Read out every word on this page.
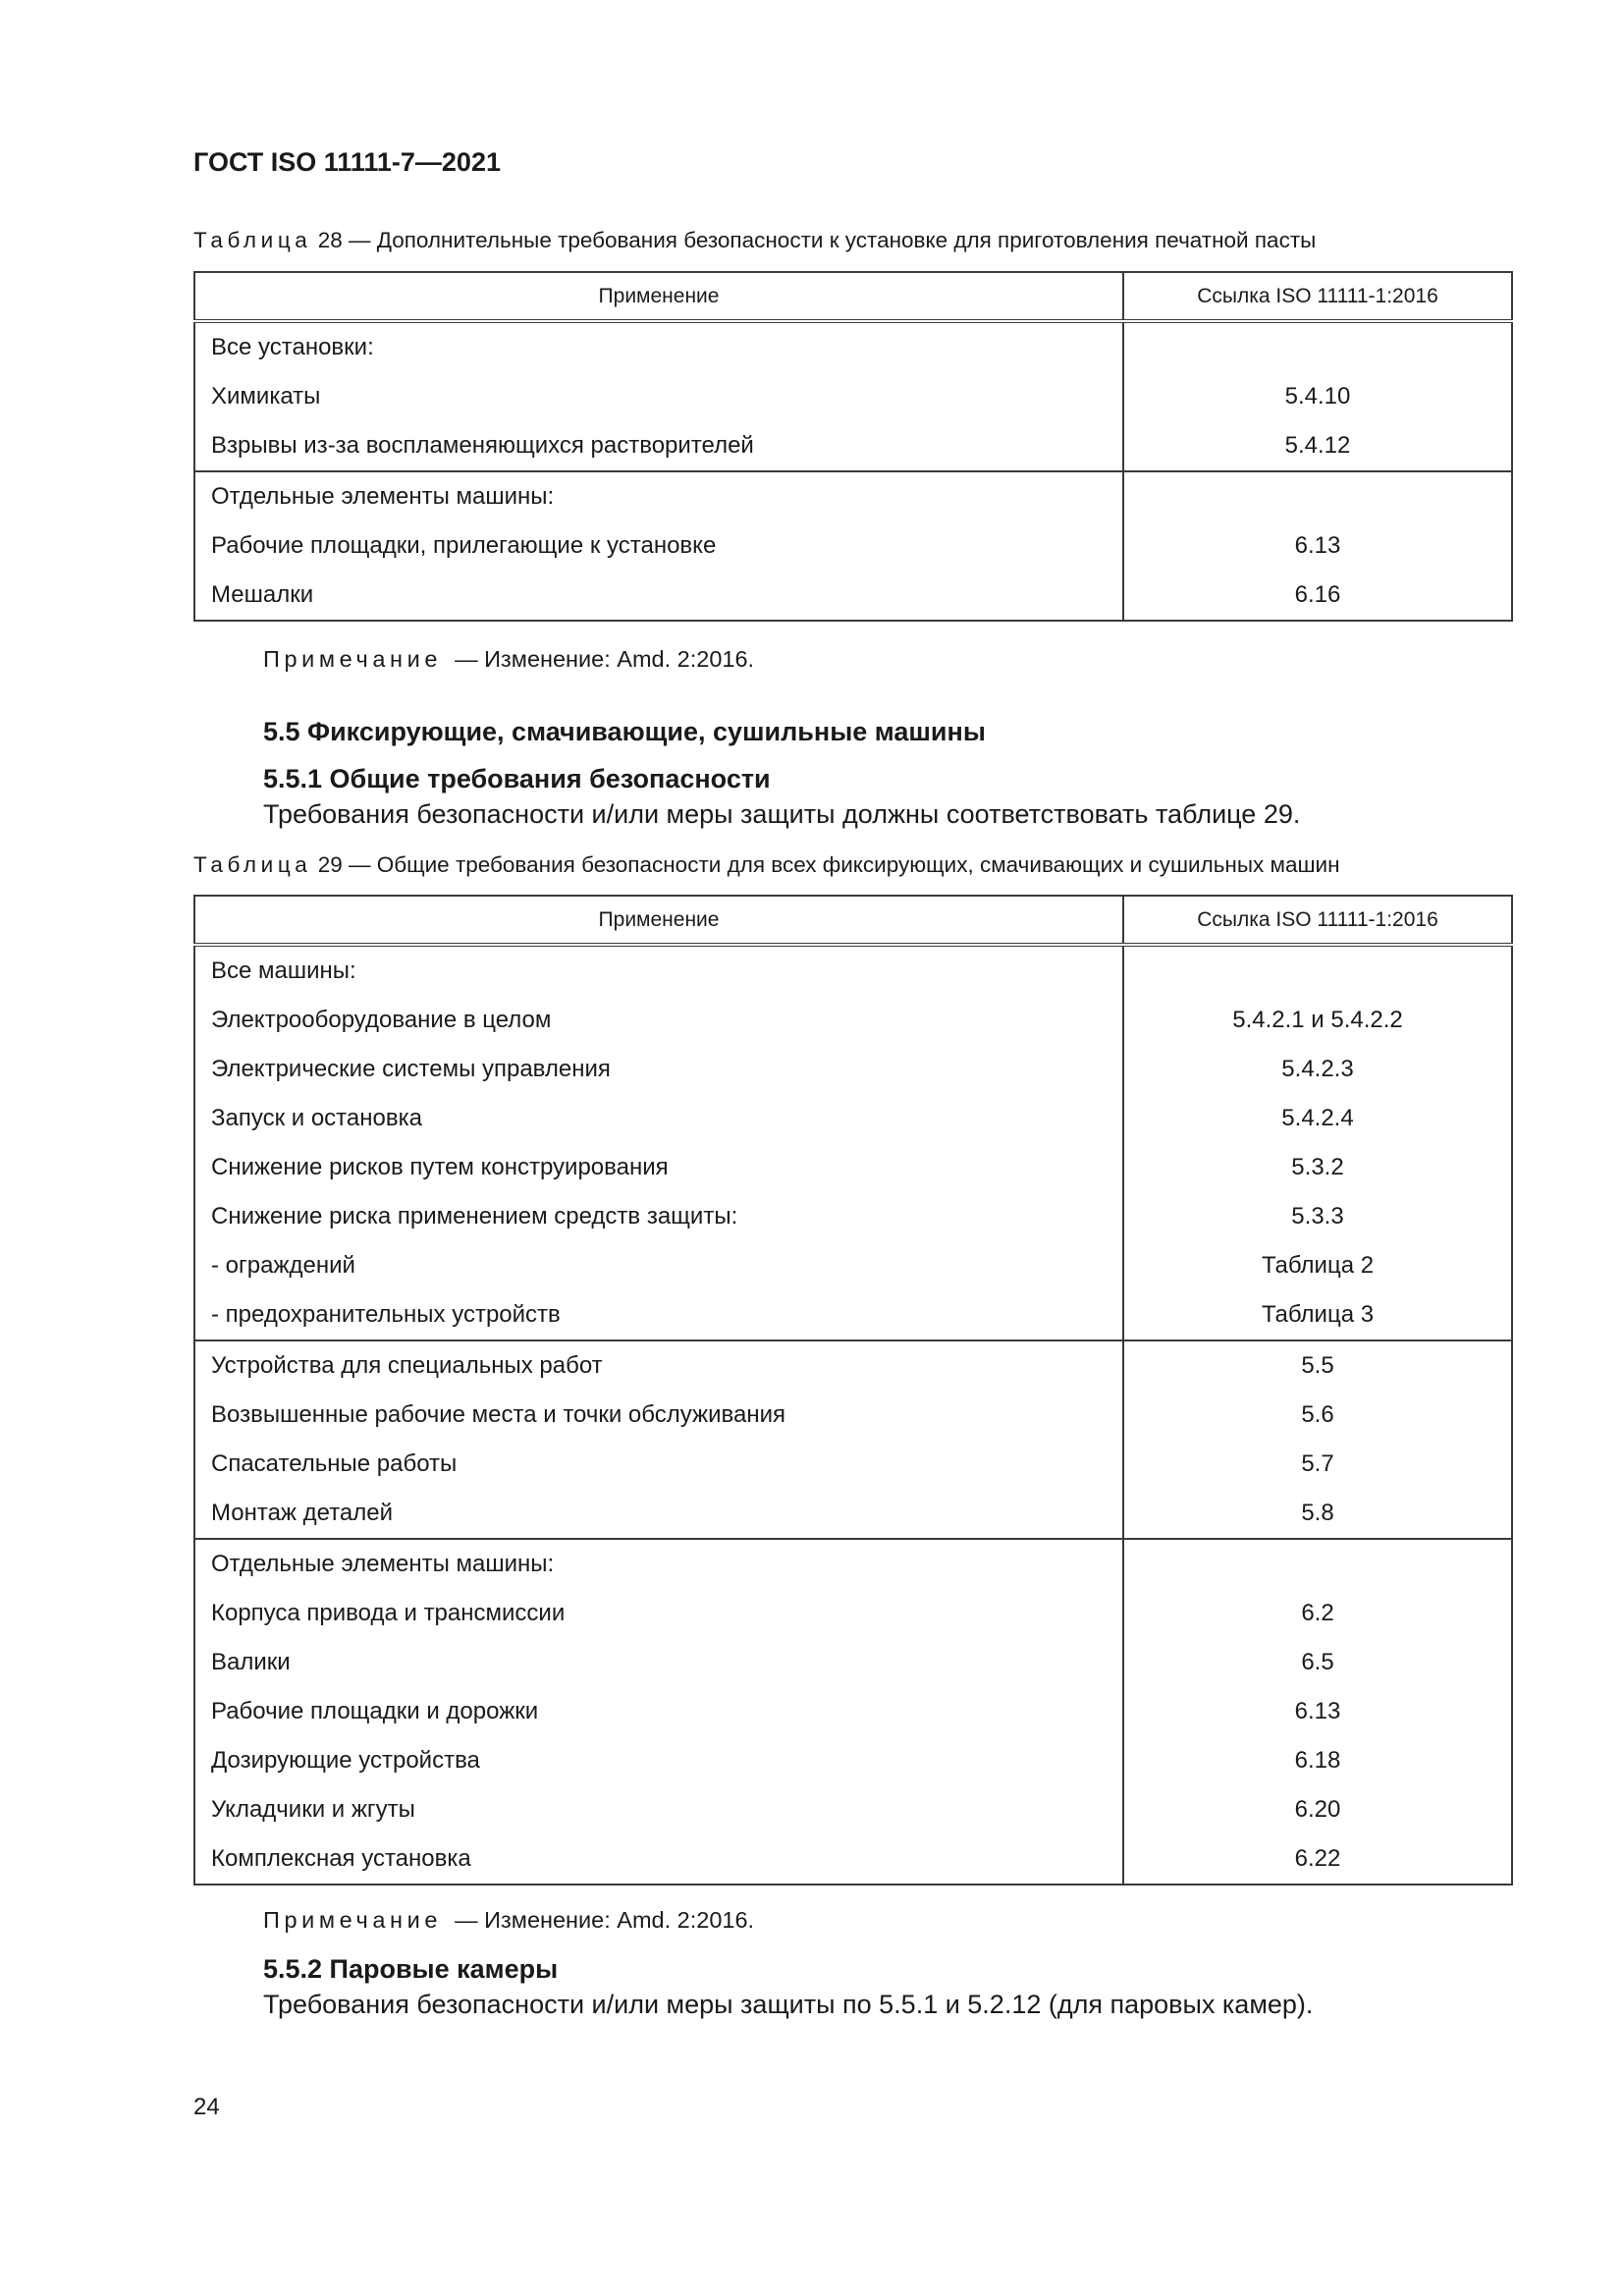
ГОСТ ISO 11111-7—2021
Таблица 28 — Дополнительные требования безопасности к установке для приготовления печатной пасты
Применение	Ссылка ISO 11111-1:2016
Все установки:	
Химикаты	5.4.10
Взрывы из-за воспламеняющихся растворителей	5.4.12
Отдельные элементы машины:	
Рабочие площадки, прилегающие к установке	6.13
Мешалки	6.16
Примечание — Изменение: Amd. 2:2016.
5.5 Фиксирующие, смачивающие, сушильные машины
5.5.1 Общие требования безопасности
Требования безопасности и/или меры защиты должны соответствовать таблице 29.
Таблица 29 — Общие требования безопасности для всех фиксирующих, смачивающих и сушильных машин
Применение	Ссылка ISO 11111-1:2016
Все машины:	
Электрооборудование в целом	5.4.2.1 и 5.4.2.2
Электрические системы управления	5.4.2.3
Запуск и остановка	5.4.2.4
Снижение рисков путем конструирования	5.3.2
Снижение риска применением средств защиты:	5.3.3
- ограждений	Таблица 2
- предохранительных устройств	Таблица 3
Устройства для специальных работ	5.5
Возвышенные рабочие места и точки обслуживания	5.6
Спасательные работы	5.7
Монтаж деталей	5.8
Отдельные элементы машины:	
Корпуса привода и трансмиссии	6.2
Валики	6.5
Рабочие площадки и дорожки	6.13
Дозирующие устройства	6.18
Укладчики и жгуты	6.20
Комплексная установка	6.22
Примечание — Изменение: Amd. 2:2016.
5.5.2 Паровые камеры
Требования безопасности и/или меры защиты по 5.5.1 и 5.2.12 (для паровых камер).
24
